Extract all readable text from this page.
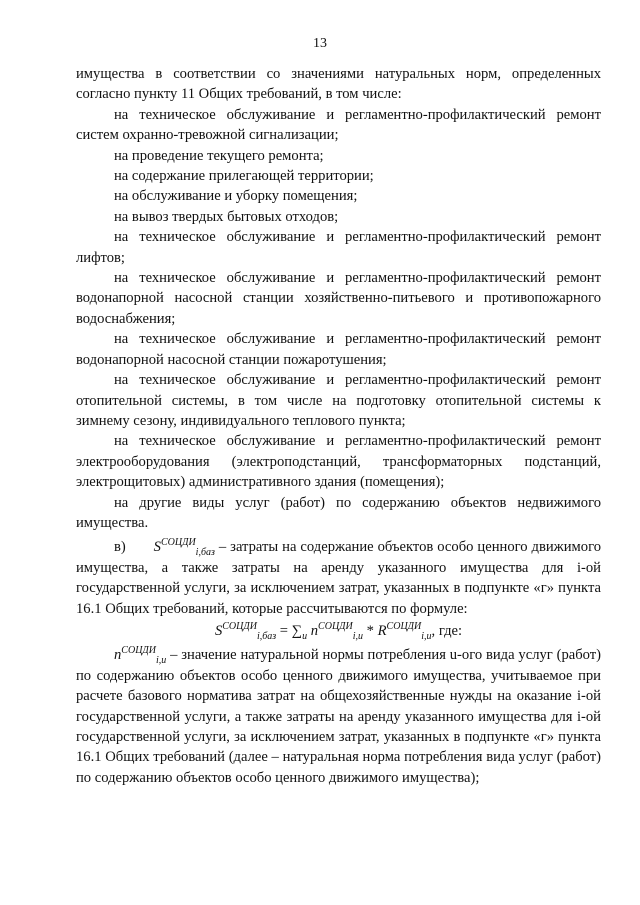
13

имущества в соответствии со значениями натуральных норм, определенных согласно пункту 11 Общих требований, в том числе:

на техническое обслуживание и регламентно-профилактический ремонт систем охранно-тревожной сигнализации;

на проведение текущего ремонта;

на содержание прилегающей территории;

на обслуживание и уборку помещения;

на вывоз твердых бытовых отходов;

на техническое обслуживание и регламентно-профилактический ремонт лифтов;

на техническое обслуживание и регламентно-профилактический ремонт водонапорной насосной станции хозяйственно-питьевого и противопожарного водоснабжения;

на техническое обслуживание и регламентно-профилактический ремонт водонапорной насосной станции пожаротушения;

на техническое обслуживание и регламентно-профилактический ремонт отопительной системы, в том числе на подготовку отопительной системы к зимнему сезону, индивидуального теплового пункта;

на техническое обслуживание и регламентно-профилактический ремонт электрооборудования (электроподстанций, трансформаторных подстанций, электрощитовых) административного здания (помещения);

на другие виды услуг (работ) по содержанию объектов недвижимого имущества.

в) $S^{СОЦДИ}_{i,баз}$ – затраты на содержание объектов особо ценного движимого имущества, а также затраты на аренду указанного имущества для i-ой государственной услуги, за исключением затрат, указанных в подпункте «г» пункта 16.1 Общих требований, которые рассчитываются по формуле:

$S^{СОЦДИ}_{i,баз} = \sum_u$ $n^{СОЦДИ}_{i,u} * R^{СОЦДИ}_{i,u}$, где:

$n^{СОЦДИ}_{i,u}$ – значение натуральной нормы потребления u-ого вида услуг (работ) по содержанию объектов особо ценного движимого имущества, учитываемое при расчете базового норматива затрат на общехозяйственные нужды на оказание i-ой государственной услуги, а также затраты на аренду указанного имущества для i-ой государственной услуги, за исключением затрат, указанных в подпункте «г» пункта 16.1 Общих требований (далее – натуральная норма потребления вида услуг (работ) по содержанию объектов особо ценного движимого имущества);
